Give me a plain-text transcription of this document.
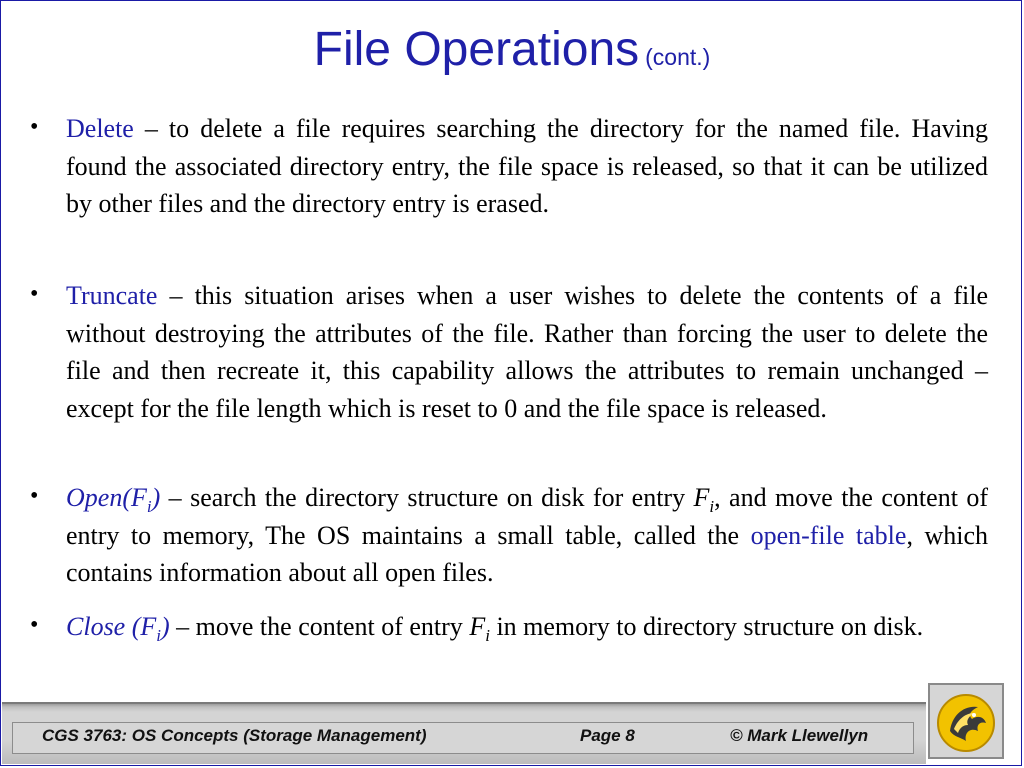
File Operations (cont.)
• Delete – to delete a file requires searching the directory for the named file. Having found the associated directory entry, the file space is released, so that it can be utilized by other files and the directory entry is erased.
• Truncate – this situation arises when a user wishes to delete the contents of a file without destroying the attributes of the file. Rather than forcing the user to delete the file and then recreate it, this capability allows the attributes to remain unchanged – except for the file length which is reset to 0 and the file space is released.
• $Open(F_i)$ – search the directory structure on disk for entry $F_i$, and move the content of entry to memory, The OS maintains a small table, called the open-file table, which contains information about all open files.
• Close $(F_i)$ – move the content of entry $F_i$ in memory to directory structure on disk.
CGS 3763: OS Concepts (Storage Management)	Page 8	© Mark Llewellyn
